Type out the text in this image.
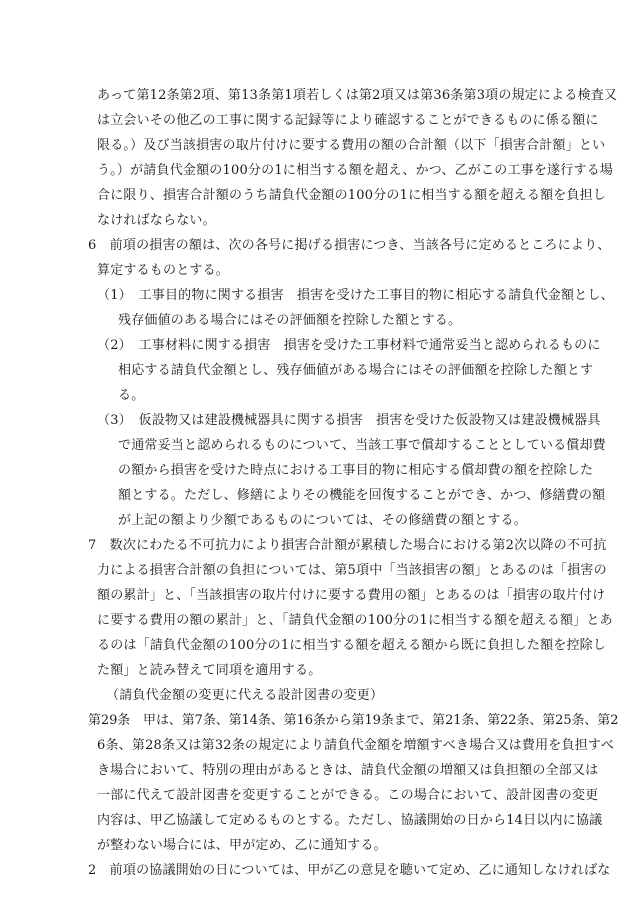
あって第12条第2項、第13条第1項若しくは第2項又は第36条第3項の規定による検査又

は立会いその他乙の工事に関する記録等により確認することができるものに係る額に

限る。）及び当該損害の取片付けに要する費用の額の合計額（以下「損害合計額」とい

う。）が請負代金額の100分の1に相当する額を超え、かつ、乙がこの工事を遂行する場

合に限り、損害合計額のうち請負代金額の100分の1に相当する額を超える額を負担し

なければならない。

6　前項の損害の額は、次の各号に掲げる損害につき、当該各号に定めるところにより、

算定するものとする。

（1）　工事目的物に関する損害　損害を受けた工事目的物に相応する請負代金額とし、

残存価値のある場合にはその評価額を控除した額とする。

（2）　工事材料に関する損害　損害を受けた工事材料で通常妥当と認められるものに

相応する請負代金額とし、残存価値がある場合にはその評価額を控除した額とす

る。

（3）　仮設物又は建設機械器具に関する損害　損害を受けた仮設物又は建設機械器具

で通常妥当と認められるものについて、当該工事で償却することとしている償却費

の額から損害を受けた時点における工事目的物に相応する償却費の額を控除した

額とする。ただし、修繕によりその機能を回復することができ、かつ、修繕費の額

が上記の額より少額であるものについては、その修繕費の額とする。

7　数次にわたる不可抗力により損害合計額が累積した場合における第2次以降の不可抗

力による損害合計額の負担については、第5項中「当該損害の額」とあるのは「損害の

額の累計」と、「当該損害の取片付けに要する費用の額」とあるのは「損害の取片付け

に要する費用の額の累計」と、「請負代金額の100分の1に相当する額を超える額」とあ

るのは「請負代金額の100分の1に相当する額を超える額から既に負担した額を控除し

た額」と読み替えて同項を適用する。

（請負代金額の変更に代える設計図書の変更）

第29条　甲は、第7条、第14条、第16条から第19条まで、第21条、第22条、第25条、第2

6条、第28条又は第32条の規定により請負代金額を増額すべき場合又は費用を負担すべ

き場合において、特別の理由があるときは、請負代金額の増額又は負担額の全部又は

一部に代えて設計図書を変更することができる。この場合において、設計図書の変更

内容は、甲乙協議して定めるものとする。ただし、協議開始の日から14日以内に協議

が整わない場合には、甲が定め、乙に通知する。

2　前項の協議開始の日については、甲が乙の意見を聴いて定め、乙に通知しなければな
